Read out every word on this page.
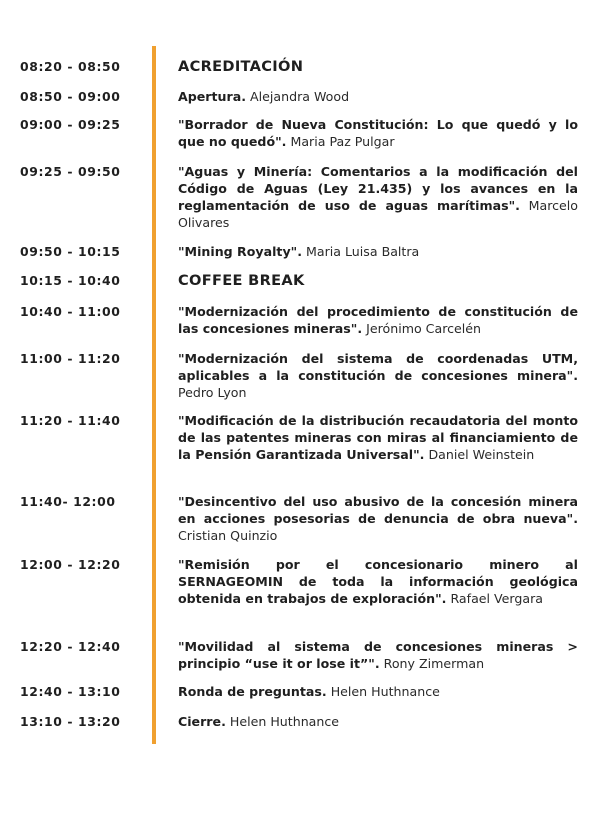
08:20 - 08:50	ACREDITACIÓN
08:50 - 09:00	Apertura. Alejandra Wood
09:00 - 09:25	"Borrador de Nueva Constitución: Lo que quedó y lo que no quedó". Maria Paz Pulgar
09:25 - 09:50	"Aguas y Minería: Comentarios a la modificación del Código de Aguas (Ley 21.435) y los avances en la reglamentación de uso de aguas marítimas". Marcelo Olivares
09:50 - 10:15	"Mining Royalty". Maria Luisa Baltra
10:15 - 10:40	COFFEE BREAK
10:40 - 11:00	"Modernización del procedimiento de constitución de las concesiones mineras". Jerónimo Carcelén
11:00 - 11:20	"Modernización del sistema de coordenadas UTM, aplicables a la constitución de concesiones minera". Pedro Lyon
11:20 - 11:40	"Modificación de la distribución recaudatoria del monto de las patentes mineras con miras al financiamiento de la Pensión Garantizada Universal". Daniel Weinstein
11:40- 12:00	"Desincentivo del uso abusivo de la concesión minera en acciones posesorias de denuncia de obra nueva". Cristian Quinzio
12:00 - 12:20	"Remisión por el concesionario minero al SERNAGEOMIN de toda la información geológica obtenida en trabajos de exploración". Rafael Vergara
12:20 - 12:40	"Movilidad al sistema de concesiones mineras > principio “use it or lose it”". Rony Zimerman
12:40 - 13:10	Ronda de preguntas. Helen Huthnance
13:10 - 13:20	Cierre. Helen Huthnance
